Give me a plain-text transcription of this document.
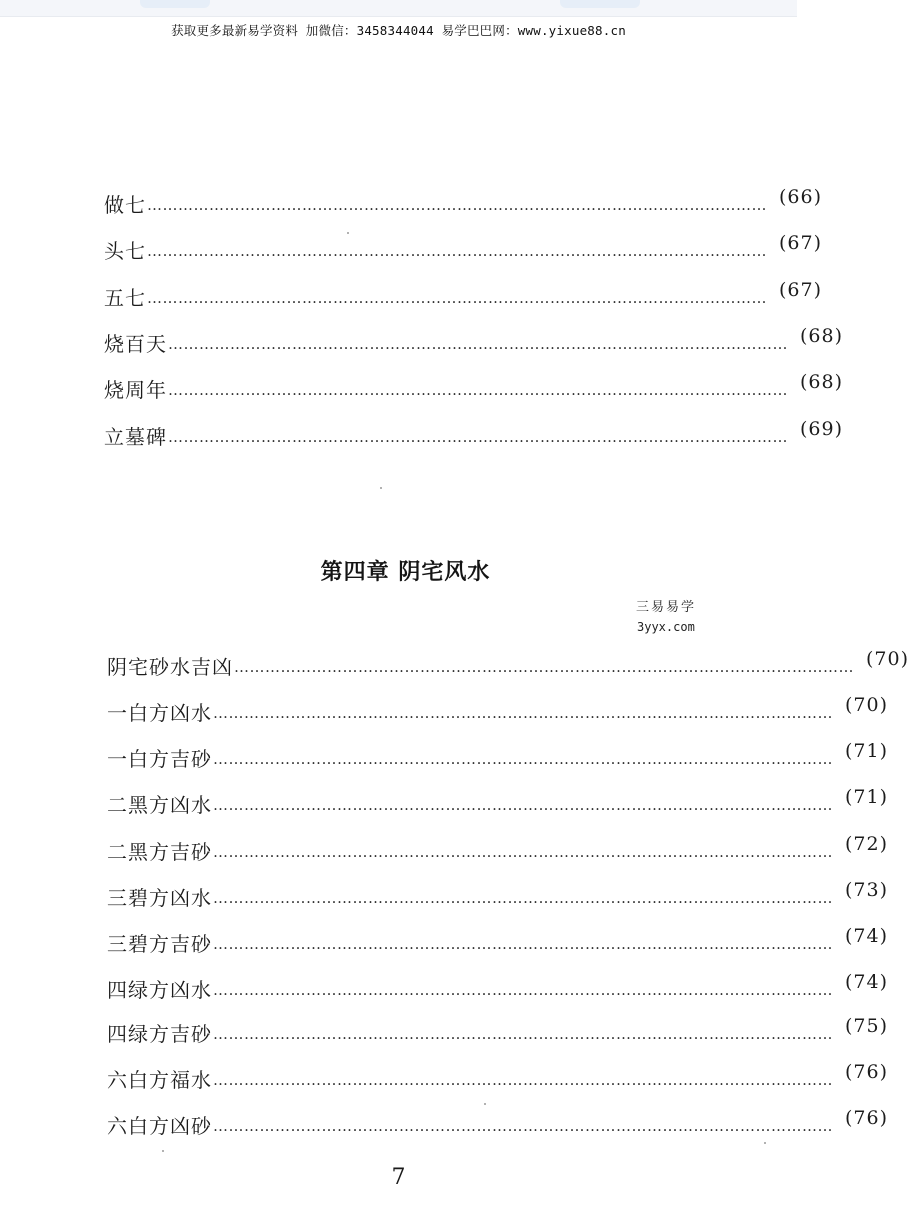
获取更多最新易学资料 加微信：3458344044 易学巴巴网：www.yixue88.cn
做七 ………………………………………………………………………………………………………… (66)
头七 ………………………………………………………………………………………………………… (67)
五七 ………………………………………………………………………………………………………… (67)
烧百天 ………………………………………………………………………………………………………… (68)
烧周年 ………………………………………………………………………………………………………… (68)
立墓碑 ………………………………………………………………………………………………………… (69)
第四章 阴宅风水
三易易学
3yyx.com
阴宅砂水吉凶 ………………………………………………………………………………………………………… (70)
一白方凶水 ………………………………………………………………………………………………………… (70)
一白方吉砂 ………………………………………………………………………………………………………… (71)
二黑方凶水 ………………………………………………………………………………………………………… (71)
二黑方吉砂 ………………………………………………………………………………………………………… (72)
三碧方凶水 ………………………………………………………………………………………………………… (73)
三碧方吉砂 ………………………………………………………………………………………………………… (74)
四绿方凶水 ………………………………………………………………………………………………………… (74)
四绿方吉砂 ………………………………………………………………………………………………………… (75)
六白方福水 ………………………………………………………………………………………………………… (76)
六白方凶砂 ………………………………………………………………………………………………………… (76)
7
